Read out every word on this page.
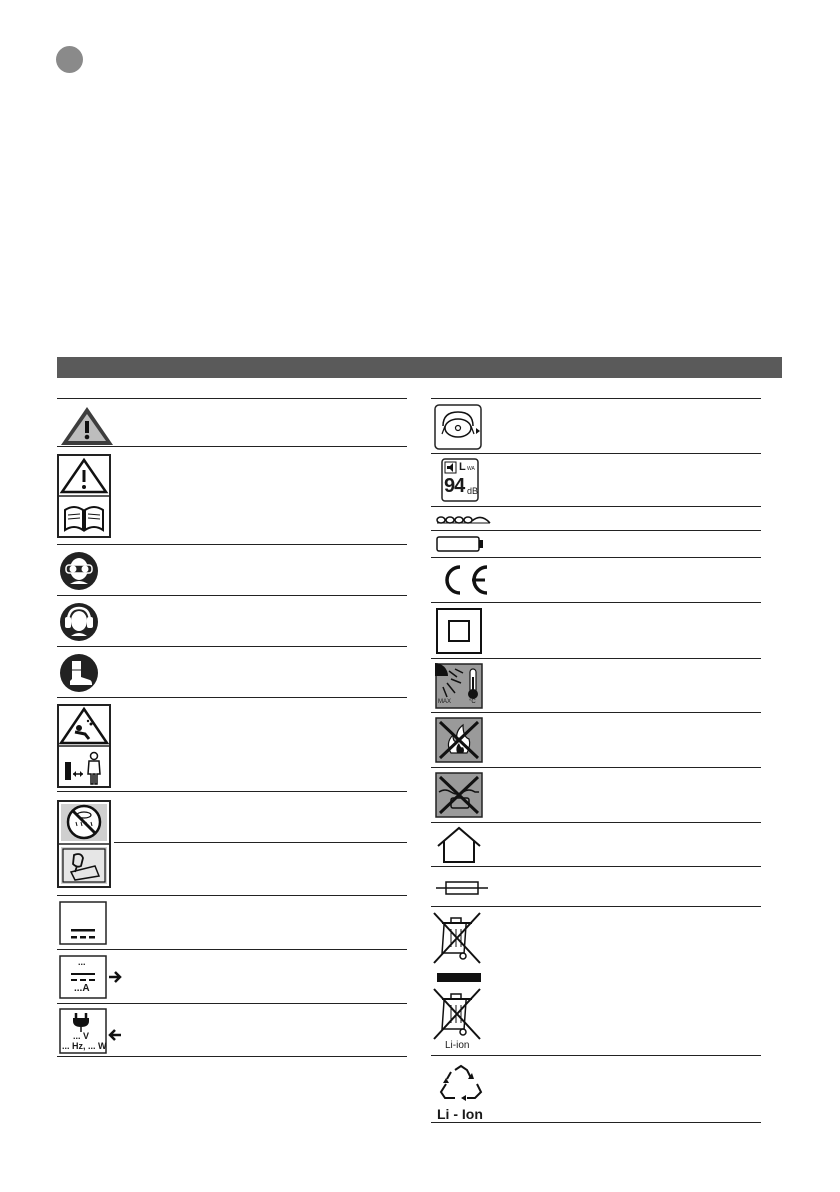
...
...A
... V
... Hz, ... W
L WA
94 dB
MAX	°C
Li-ion
Li - Ion
